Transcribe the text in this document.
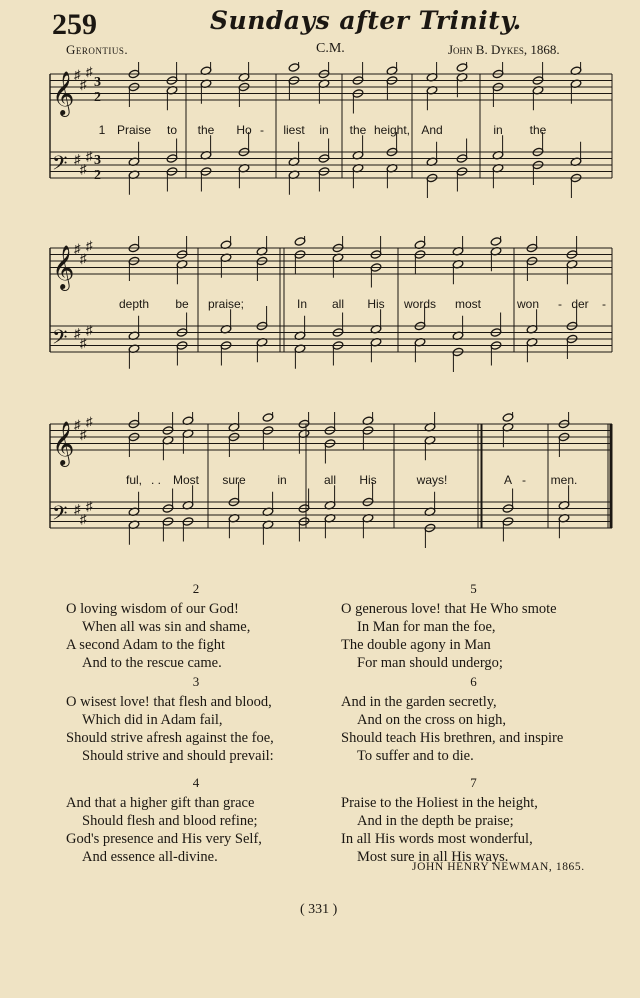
259	Sundays after Trinity.
Gerontius.	C.M.	John B. Dykes, 1868.
𝄞
𝄢
♯
♯
♯
♯
♯
♯
3
2
3
2
1 Praise to the Ho - liest in the height, And	in the
𝄞
𝄢
♯
♯
♯
♯
♯
♯
depth be praise;	In all His words most	won - der -
𝄞
𝄢
♯
♯
♯
♯
♯
♯
ful, . . Most sure	in	all His	ways!	A - men.
2
O loving wisdom of our God!
When all was sin and shame,
A second Adam to the fight
And to the rescue came.
3
O wisest love! that flesh and blood,
Which did in Adam fail,
Should strive afresh against the foe,
Should strive and should prevail:
4
And that a higher gift than grace
Should flesh and blood refine;
God's presence and His very Self,
And essence all-divine.
5
O generous love! that He Who smote
In Man for man the foe,
The double agony in Man
For man should undergo;
6
And in the garden secretly,
And on the cross on high,
Should teach His brethren, and inspire
To suffer and to die.
7
Praise to the Holiest in the height,
And in the depth be praise;
In all His words most wonderful,
Most sure in all His ways.
JOHN HENRY NEWMAN, 1865.
( 331 )
